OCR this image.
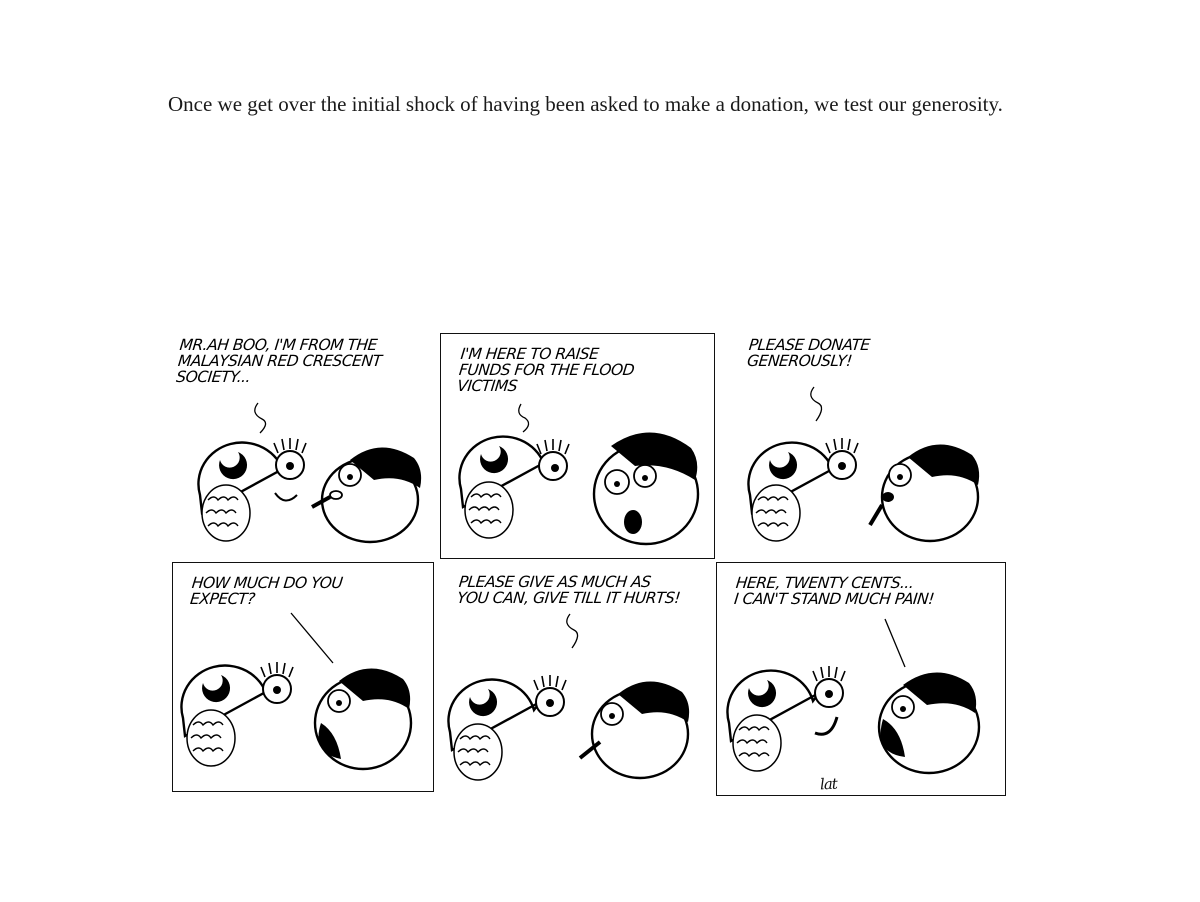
Once we get over the initial shock of having been asked to make a donation, we test our generosity.
MR.AH BOO, I'M FROM THE
MALAYSIAN RED CRESCENT
SOCIETY...
I'M HERE TO RAISE
FUNDS FOR THE FLOOD
VICTIMS
PLEASE DONATE
GENEROUSLY!
HOW MUCH DO YOU
EXPECT?
PLEASE GIVE AS MUCH AS
YOU CAN, GIVE TILL IT HURTS!
HERE, TWENTY CENTS...
I CAN'T STAND MUCH PAIN!
lat
